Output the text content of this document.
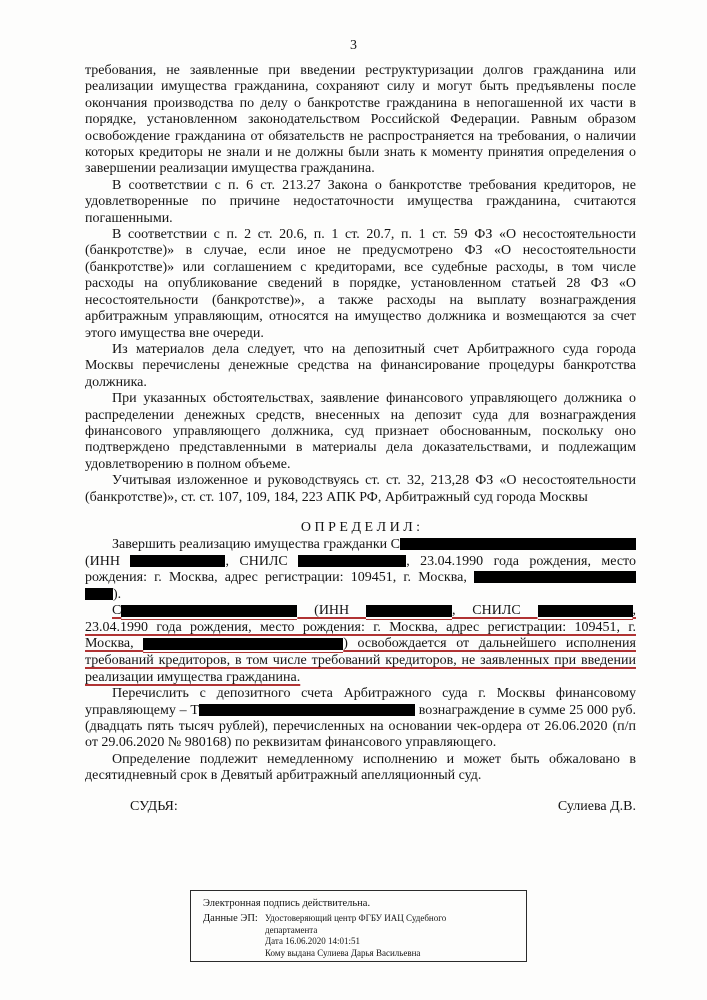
3

требования, не заявленные при введении реструктуризации долгов гражданина или реализации имущества гражданина, сохраняют силу и могут быть предъявлены после окончания производства по делу о банкротстве гражданина в непогашенной их части в порядке, установленном законодательством Российской Федерации. Равным образом освобождение гражданина от обязательств не распространяется на требования, о наличии которых кредиторы не знали и не должны были знать к моменту принятия определения о завершении реализации имущества гражданина.

В соответствии с п. 6 ст. 213.27 Закона о банкротстве требования кредиторов, не удовлетворенные по причине недостаточности имущества гражданина, считаются погашенными.

В соответствии с п. 2 ст. 20.6, п. 1 ст. 20.7, п. 1 ст. 59 ФЗ «О несостоятельности (банкротстве)» в случае, если иное не предусмотрено ФЗ «О несостоятельности (банкротстве)» или соглашением с кредиторами, все судебные расходы, в том числе расходы на опубликование сведений в порядке, установленном статьей 28 ФЗ «О несостоятельности (банкротстве)», а также расходы на выплату вознаграждения арбитражным управляющим, относятся на имущество должника и возмещаются за счет этого имущества вне очереди.

Из материалов дела следует, что на депозитный счет Арбитражного суда города Москвы перечислены денежные средства на финансирование процедуры банкротства должника.

При указанных обстоятельствах, заявление финансового управляющего должника о распределении денежных средств, внесенных на депозит суда для вознаграждения финансового управляющего должника, суд признает обоснованным, поскольку оно подтверждено представленными в материалы дела доказательствами, и подлежащим удовлетворению в полном объеме.

Учитывая изложенное и руководствуясь ст. ст. 32, 213,28 ФЗ «О несостоятельности (банкротстве)», ст. ст. 107, 109, 184, 223 АПК РФ, Арбитражный суд города Москвы

О П Р Е Д Е Л И Л :

Завершить реализацию имущества гражданки С (ИНН	, СНИЛС	, 23.04.1990 года рождения, место рождения: г. Москва, адрес регистрации: 109451, г. Москва,  ).

С	(ИНН	, СНИЛС	, 23.04.1990 года рождения, место рождения: г. Москва, адрес регистрации: 109451, г. Москва,	) освобождается от дальнейшего исполнения требований кредиторов, в том числе требований кредиторов, не заявленных при введении реализации имущества гражданина.

Перечислить с депозитного счета Арбитражного суда г. Москвы финансовому управляющему – Т	вознаграждение в сумме 25 000 руб. (двадцать пять тысяч рублей), перечисленных на основании чек-ордера от 26.06.2020 (п/п от 29.06.2020 № 980168) по реквизитам финансового управляющего.

Определение подлежит немедленному исполнению и может быть обжаловано в десятидневный срок в Девятый арбитражный апелляционный суд.

СУДЬЯ:	Сулиева Д.В.
Электронная подпись действительна.
Данные ЭП: Удостоверяющий центр ФГБУ ИАЦ Судебного департамента
Дата 16.06.2020 14:01:51
Кому выдана Сулиева Дарья Васильевна
